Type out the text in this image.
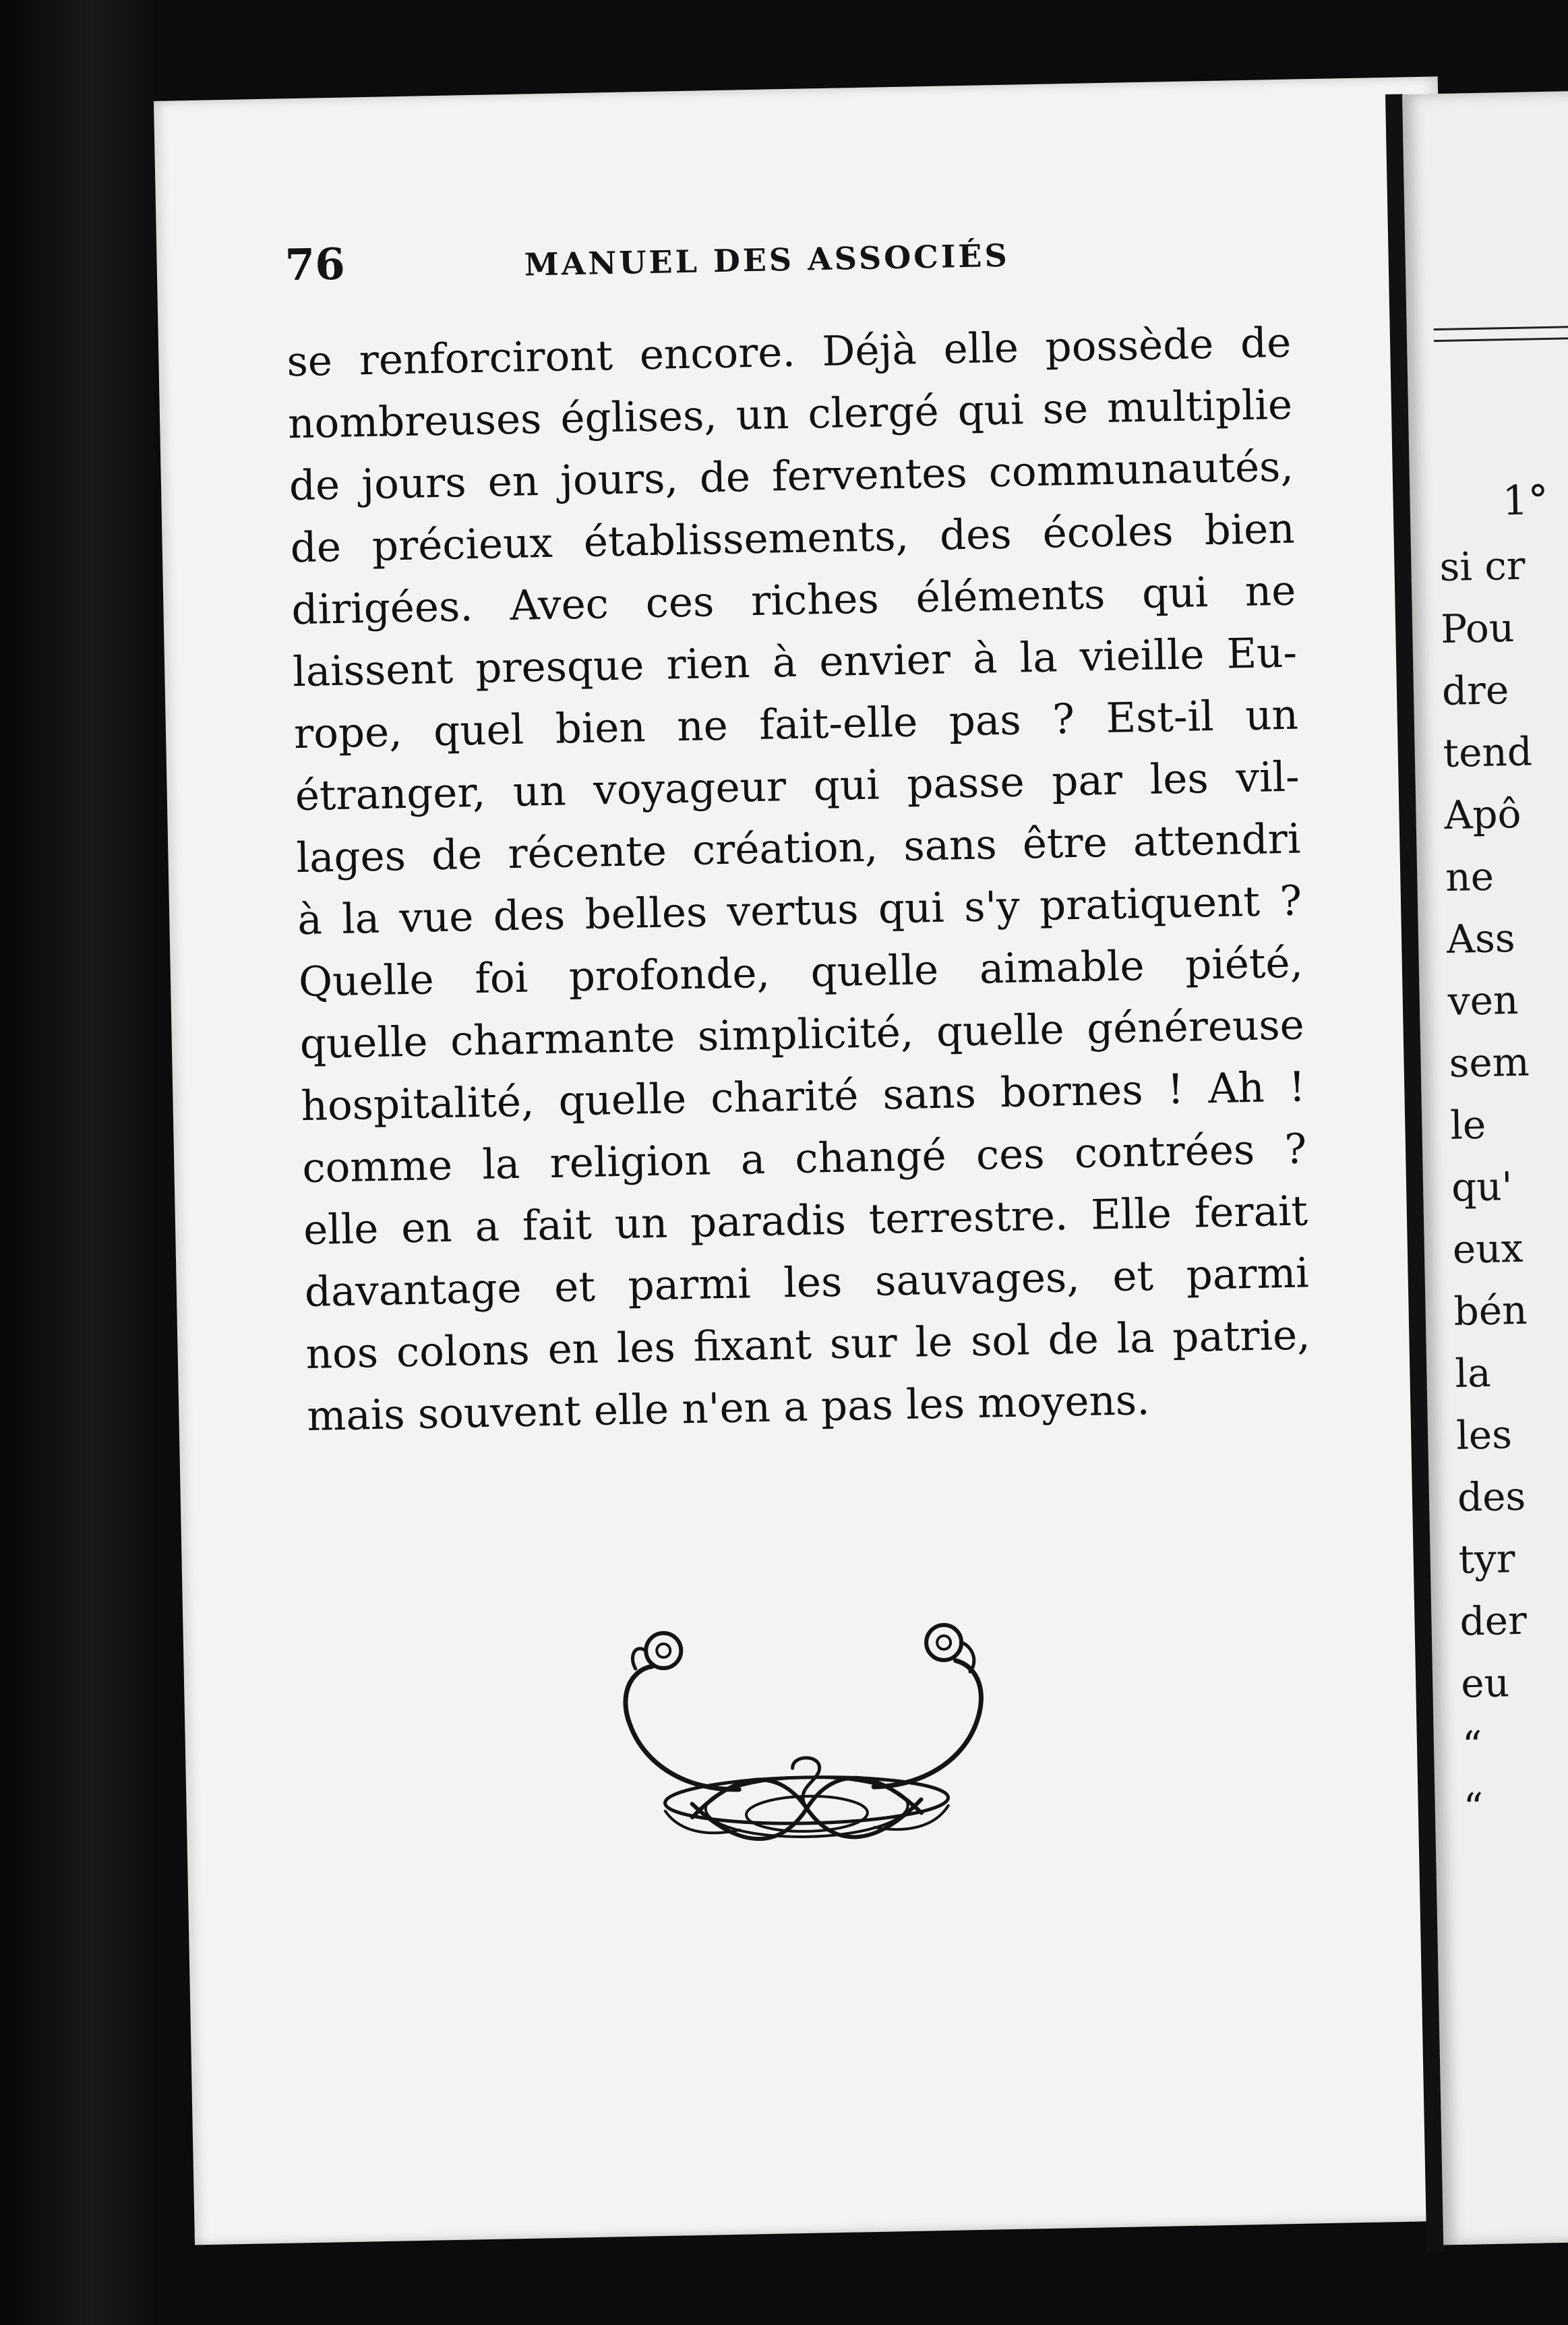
76	MANUEL DES ASSOCIÉS
se renforciront encore. Déjà elle possède de
nombreuses églises, un clergé qui se multiplie
de jours en jours, de ferventes communautés,
de précieux établissements, des écoles bien
dirigées. Avec ces riches éléments qui ne
laissent presque rien à envier à la vieille Eu-
rope, quel bien ne fait-elle pas ? Est-il un
étranger, un voyageur qui passe par les vil-
lages de récente création, sans être attendri
à la vue des belles vertus qui s'y pratiquent ?
Quelle foi profonde, quelle aimable piété,
quelle charmante simplicité, quelle généreuse
hospitalité, quelle charité sans bornes ! Ah !
comme la religion a changé ces contrées ?
elle en a fait un paradis terrestre. Elle ferait
davantage et parmi les sauvages, et parmi
nos colons en les fixant sur le sol de la patrie,
mais souvent elle n'en a pas les moyens.
1°
si cr
Pou
dre
tend
Apô
ne
Ass
ven
sem
le
qu'
eux
bén
la
les
des
tyr
der
eu
“
“
